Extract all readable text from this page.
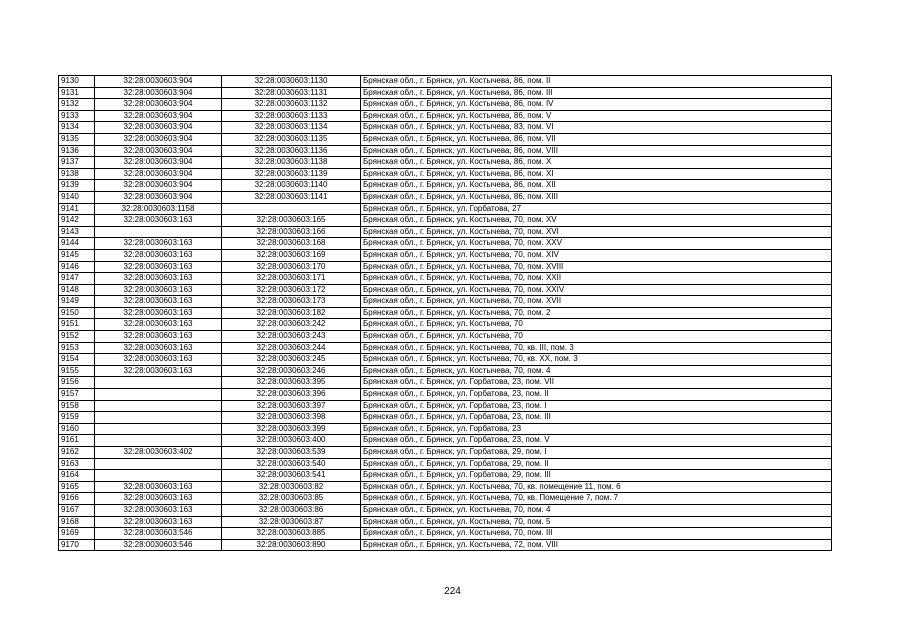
9130	32:28:0030603:904	32:28:0030603:1130	Брянская обл., г. Брянск, ул. Костычева, 86, пом. II
9131	32:28:0030603:904	32:28:0030603:1131	Брянская обл., г. Брянск, ул. Костычева, 86, пом. III
9132	32:28:0030603:904	32:28:0030603:1132	Брянская обл., г. Брянск, ул. Костычева, 86, пом. IV
9133	32:28:0030603:904	32:28:0030603:1133	Брянская обл., г. Брянск, ул. Костычева, 86, пом. V
9134	32:28:0030603:904	32:28:0030603:1134	Брянская обл., г. Брянск, ул. Костычева, 83, пом. VI
9135	32:28:0030603:904	32:28:0030603:1135	Брянская обл., г. Брянск, ул. Костычева, 86, пом. VII
9136	32:28:0030603:904	32:28:0030603:1136	Брянская обл., г. Брянск, ул. Костычева, 86, пом. VIII
9137	32:28:0030603:904	32:28:0030603:1138	Брянская обл., г. Брянск, ул. Костычева, 86, пом. X
9138	32:28:0030603:904	32:28:0030603:1139	Брянская обл., г. Брянск, ул. Костычева, 86, пом. XI
9139	32:28:0030603:904	32:28:0030603:1140	Брянская обл., г. Брянск, ул. Костычева, 86, пом. XII
9140	32:28:0030603:904	32:28:0030603:1141	Брянская обл., г. Брянск, ул. Костычева, 86, пом. XIII
9141	32:28:0030603:1158		Брянская обл., г. Брянск, ул. Горбатова, 27
9142	32:28:0030603:163	32:28:0030603:165	Брянская обл., г. Брянск, ул. Костычева, 70, пом. XV
9143		32:28:0030603:166	Брянская обл., г. Брянск, ул. Костычева, 70, пом. XVI
9144	32:28:0030603:163	32:28:0030603:168	Брянская обл., г. Брянск, ул. Костычева, 70, пом. XXV
9145	32:28:0030603:163	32:28:0030603:169	Брянская обл., г. Брянск, ул. Костычева, 70, пом. XIV
9146	32:28:0030603:163	32:28:0030603:170	Брянская обл., г. Брянск, ул. Костычева, 70, пом. XVIII
9147	32:28:0030603:163	32:28:0030603:171	Брянская обл., г. Брянск, ул. Костычева, 70, пом. XXII
9148	32:28:0030603:163	32:28:0030603:172	Брянская обл., г. Брянск, ул. Костычева, 70, пом. XXIV
9149	32:28:0030603:163	32:28:0030603:173	Брянская обл., г. Брянск, ул. Костычева, 70, пом. XVII
9150	32:28:0030603:163	32:28:0030603:182	Брянская обл., г. Брянск, ул. Костычева, 70, пом. 2
9151	32:28:0030603:163	32:28:0030603:242	Брянская обл., г. Брянск, ул. Костычева, 70
9152	32:28:0030603:163	32:28:0030603:243	Брянская обл., г. Брянск, ул. Костычева, 70
9153	32:28:0030603:163	32:28:0030603:244	Брянская обл., г. Брянск, ул. Костычева, 70, кв. III, пом. 3
9154	32:28:0030603:163	32:28:0030603:245	Брянская обл., г. Брянск, ул. Костычева, 70, кв. XX, пом. 3
9155	32:28:0030603:163	32:28:0030603:246	Брянская обл., г. Брянск, ул. Костычева, 70, пом. 4
9156		32:28:0030603:395	Брянская обл., г. Брянск, ул. Горбатова, 23, пом. VII
9157		32:28:0030603:396	Брянская обл., г. Брянск, ул. Горбатова, 23, пом. II
9158		32:28:0030603:397	Брянская обл., г. Брянск, ул. Горбатова, 23, пом. I
9159		32:28:0030603:398	Брянская обл., г. Брянск, ул. Горбатова, 23, пом. III
9160		32:28:0030603:399	Брянская обл., г. Брянск, ул. Горбатова, 23
9161		32:28:0030603:400	Брянская обл., г. Брянск, ул. Горбатова, 23, пом. V
9162	32:28:0030603:402	32:28:0030603:539	Брянская обл., г. Брянск, ул. Горбатова, 29, пом. I
9163		32:28:0030603:540	Брянская обл., г. Брянск, ул. Горбатова, 29, пом. II
9164		32:28:0030603:541	Брянская обл., г. Брянск, ул. Горбатова, 29, пом. III
9165	32:28:0030603:163	32:28:0030603:82	Брянская обл., г. Брянск, ул. Костычева, 70, кв. помещение 11, пом. 6
9166	32:28:0030603:163	32:28:0030603:85	Брянская обл., г. Брянск, ул. Костычева, 70, кв. Помещение 7, пом. 7
9167	32:28:0030603:163	32:28:0030603:86	Брянская обл., г. Брянск, ул. Костычева, 70, пом. 4
9168	32:28:0030603:163	32:28:0030603:87	Брянская обл., г. Брянск, ул. Костычева, 70, пом. 5
9169	32:28:0030603:546	32:28:0030603:885	Брянская обл., г. Брянск, ул. Костычева, 70, пом. III
9170	32:28:0030603:546	32:28:0030603:890	Брянская обл., г. Брянск, ул. Костычева, 72, пом. VIII
224
